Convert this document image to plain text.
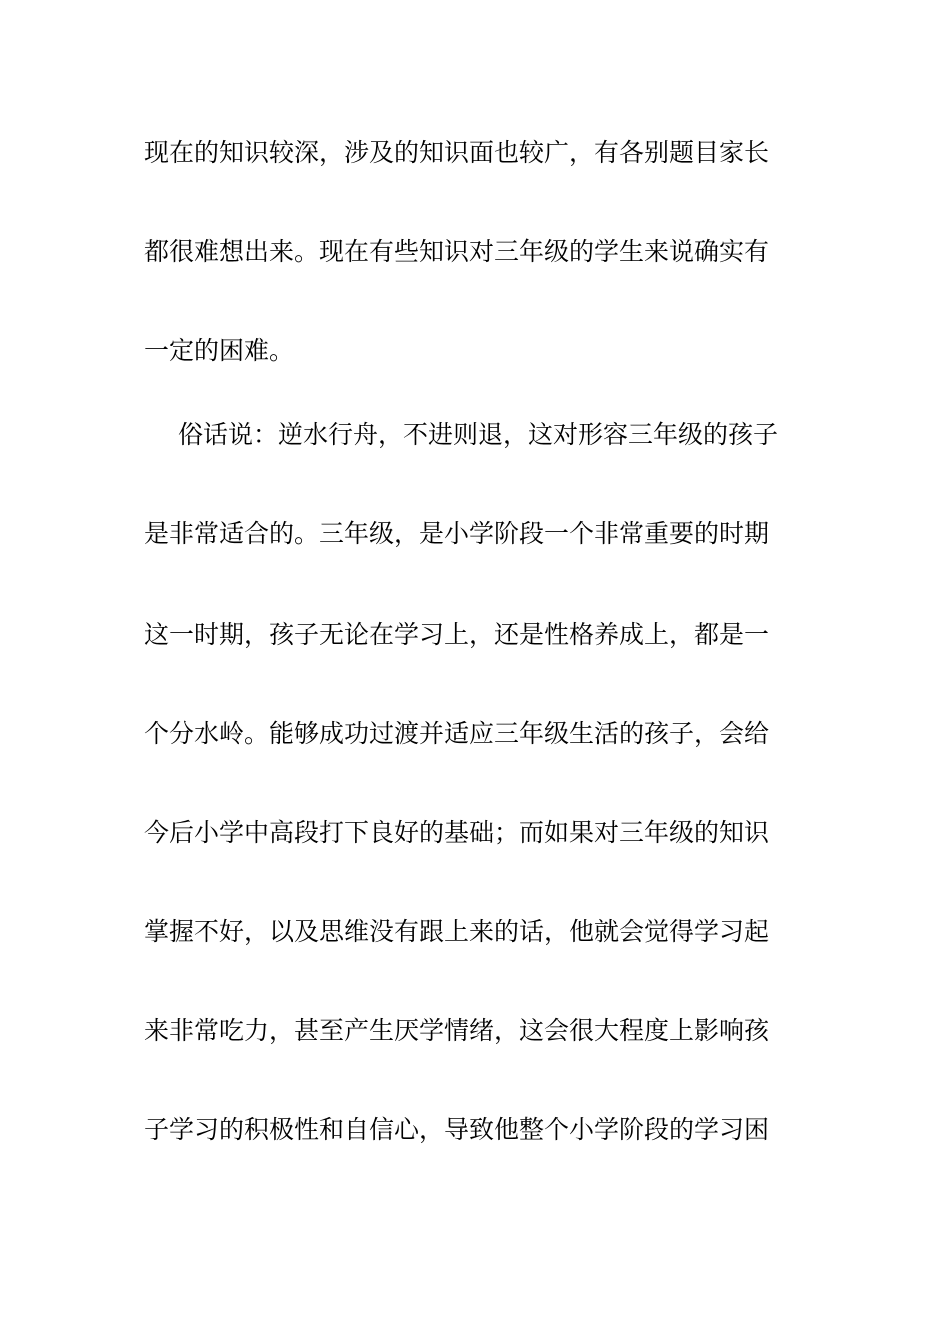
现在的知识较深，涉及的知识面也较广，有各别题目家长
都很难想出来。现在有些知识对三年级的学生来说确实有
一定的困难。
俗话说：逆水行舟，不进则退，这对形容三年级的孩子
是非常适合的。三年级，是小学阶段一个非常重要的时期
这一时期，孩子无论在学习上，还是性格养成上，都是一
个分水岭。能够成功过渡并适应三年级生活的孩子，会给
今后小学中高段打下良好的基础；而如果对三年级的知识
掌握不好，以及思维没有跟上来的话，他就会觉得学习起
来非常吃力，甚至产生厌学情绪，这会很大程度上影响孩
子学习的积极性和自信心，导致他整个小学阶段的学习困
